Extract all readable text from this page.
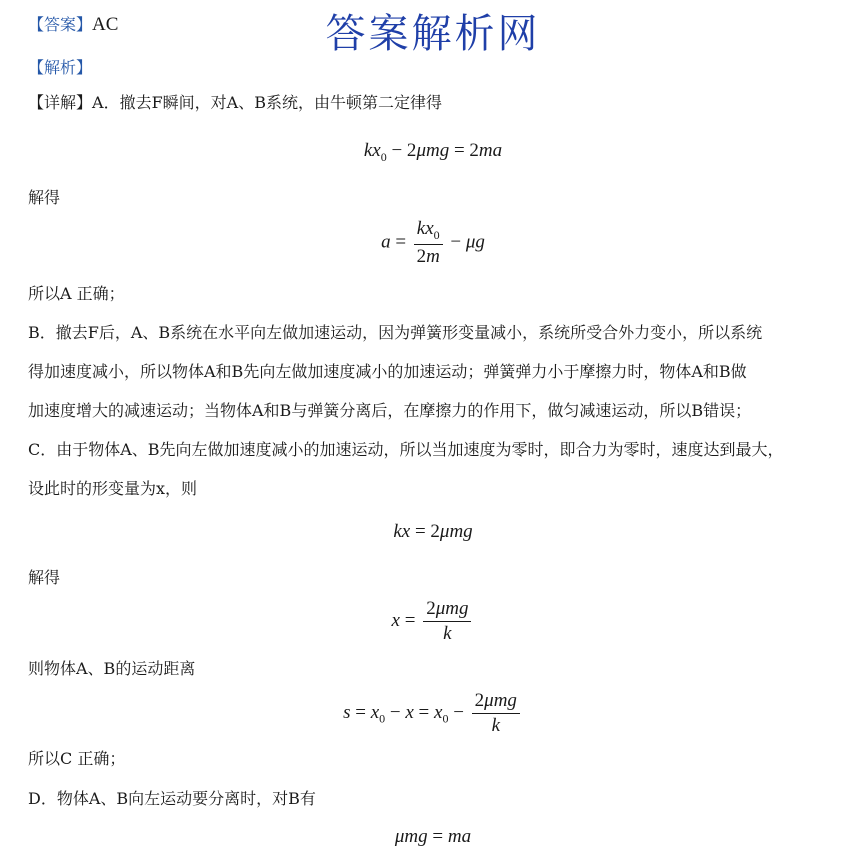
答案解析网
【答案】AC
【解析】
【详解】A．撤去F瞬间，对A、B系统，由牛顿第二定律得
$kx_0 - 2\mu mg = 2ma$
解得
$a = \frac{kx_0}{2m} - \mu g$
所以A 正确；
B．撤去F后，A、B系统在水平向左做加速运动，因为弹簧形变量减小，系统所受合外力变小，所以系统
得加速度减小，所以物体A和B先向左做加速度减小的加速运动；弹簧弹力小于摩擦力时，物体A和B做
加速度增大的减速运动；当物体A和B与弹簧分离后，在摩擦力的作用下，做匀减速运动，所以B错误；
C．由于物体A、B先向左做加速度减小的加速运动，所以当加速度为零时，即合力为零时，速度达到最大，
设此时的形变量为x，则
kx = 2μmg
解得
$x = \frac{\text{2μmg}}{k}$
则物体A、B的运动距离
$s = x_0 - x = x_0 - \frac{\text{2μmg}}{k}$
所以C 正确；
D．物体A、B向左运动要分离时，对B有
μmg = ma
